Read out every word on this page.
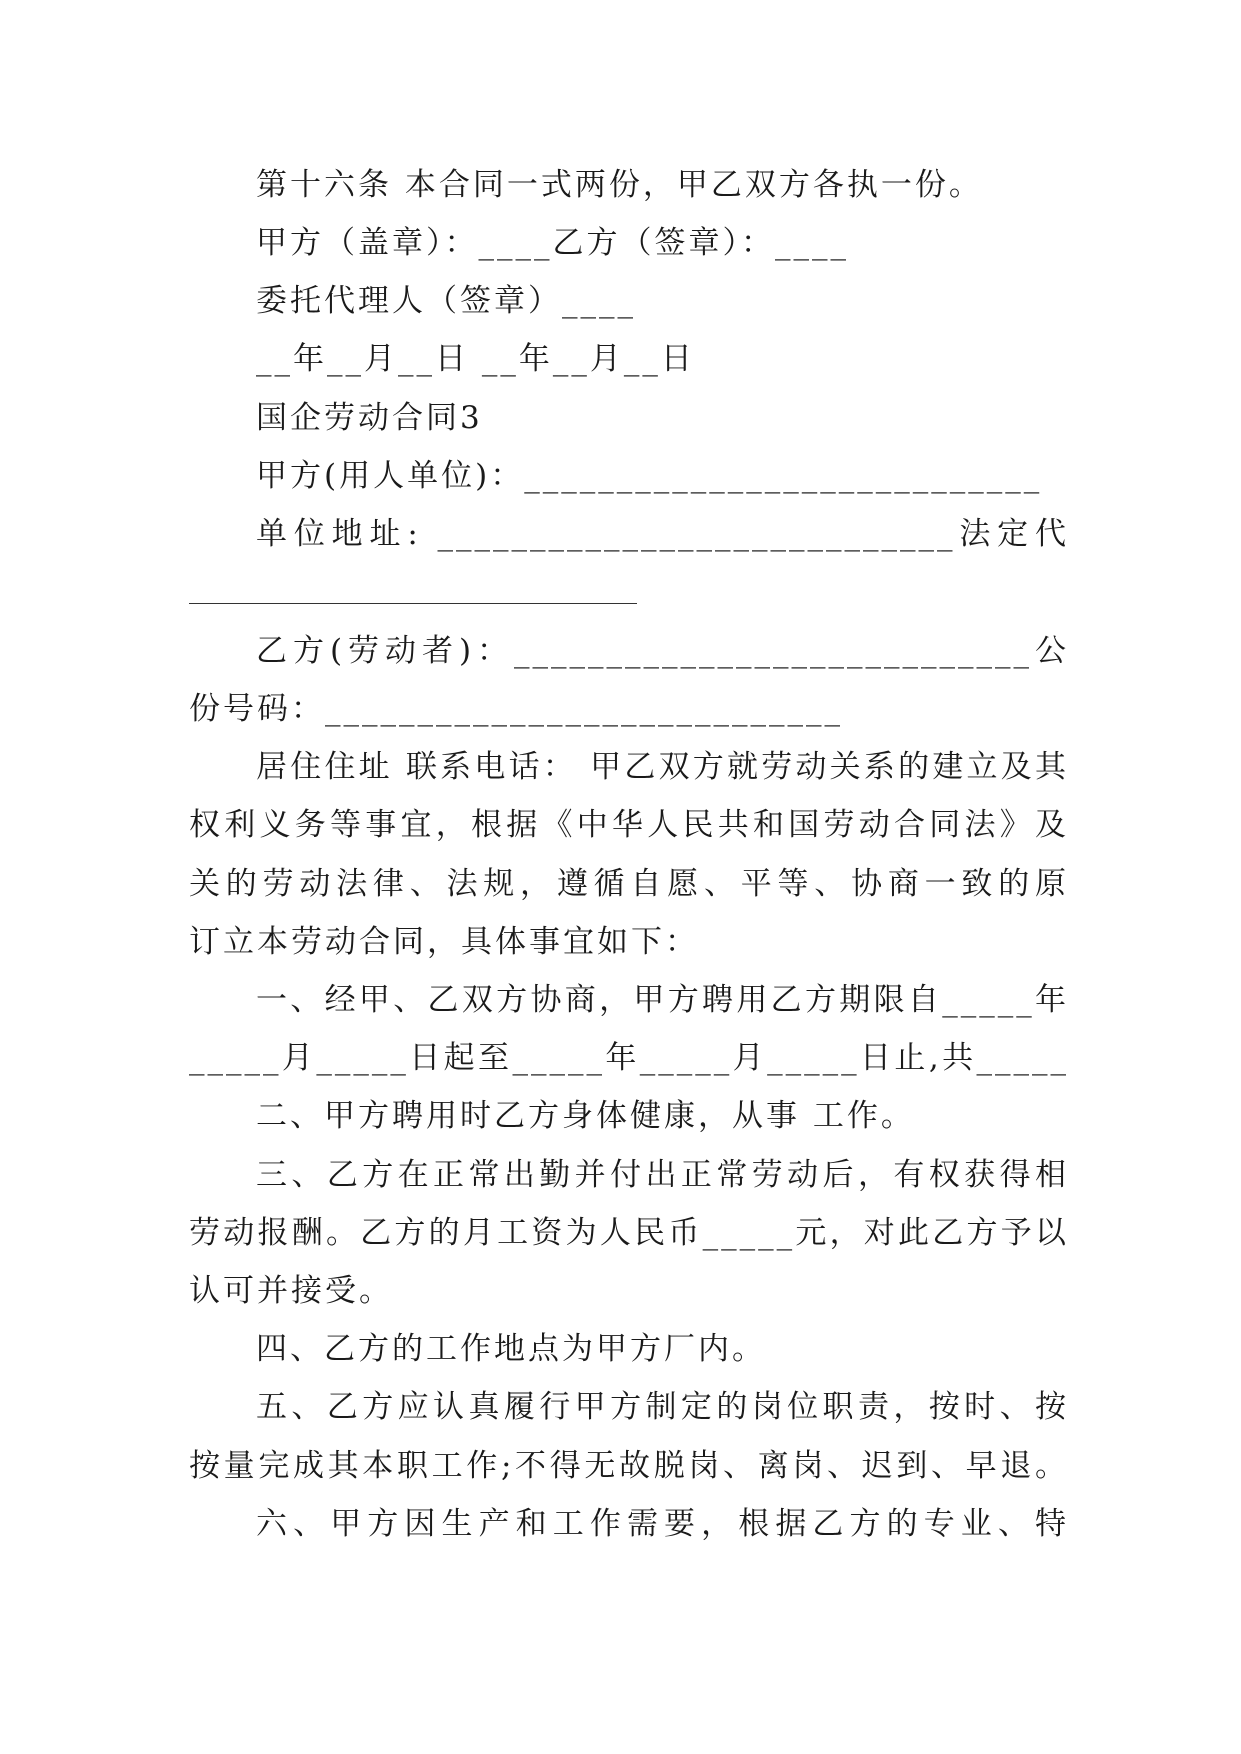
第十六条 本合同一式两份，甲乙双方各执一份。
甲方（盖章）：____乙方（签章）：____
委托代理人（签章）____
__年__月__日 __年__月__日
国企劳动合同3
甲方(用人单位)：____________________________
单位地址: ____________________________法定代
乙方(劳动者)：____________________________公
份号码：____________________________
居住住址 联系电话： 甲乙双方就劳动关系的建立及其
权利义务等事宜，根据《中华人民共和国劳动合同法》及
关的劳动法律、法规，遵循自愿、平等、协商一致的原
订立本劳动合同，具体事宜如下：
一、经甲、乙双方协商，甲方聘用乙方期限自_____年
_____月_____日起至_____年_____月_____日止,共_____
二、甲方聘用时乙方身体健康，从事 工作。
三、乙方在正常出勤并付出正常劳动后，有权获得相
劳动报酬。乙方的月工资为人民币_____元，对此乙方予以
认可并接受。
四、乙方的工作地点为甲方厂内。
五、乙方应认真履行甲方制定的岗位职责，按时、按
按量完成其本职工作;不得无故脱岗、离岗、迟到、早退。
六、甲方因生产和工作需要，根据乙方的专业、特
